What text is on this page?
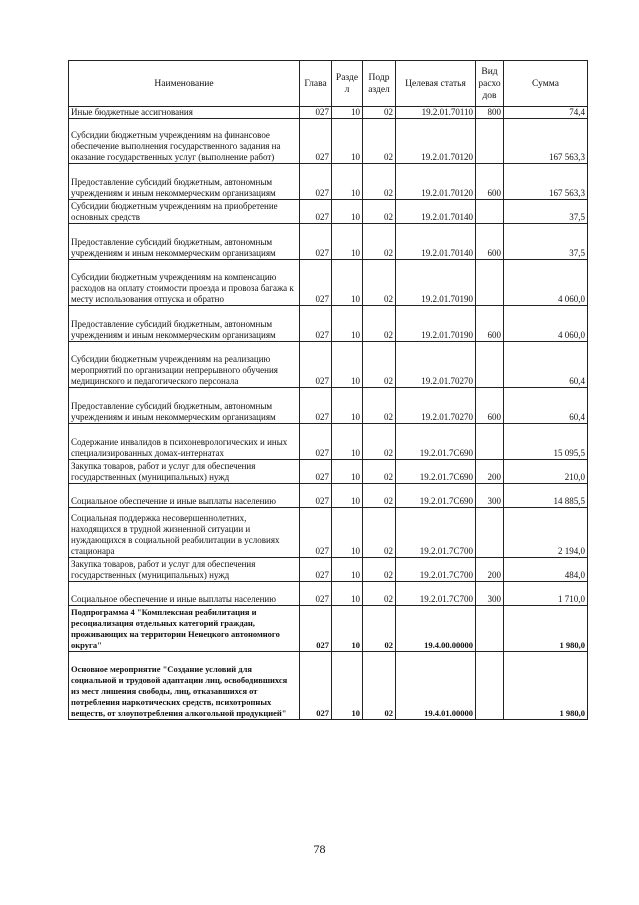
Наименование	Глава	Разде л	Подр аздел	Целевая статья	Вид расхо дов	Сумма
Иные бюджетные ассигнования	027	10	02	19.2.01.70110	800	74,4
Субсидии бюджетным учреждениям на финансовое обеспечение выполнения государственного задания на оказание государственных услуг (выполнение работ)	027	10	02	19.2.01.70120		167 563,3
Предоставление субсидий бюджетным, автономным учреждениям и иным некоммерческим организациям	027	10	02	19.2.01.70120	600	167 563,3
Субсидии бюджетным учреждениям на приобретение основных средств	027	10	02	19.2.01.70140		37,5
Предоставление субсидий бюджетным, автономным учреждениям и иным некоммерческим организациям	027	10	02	19.2.01.70140	600	37,5
Субсидии бюджетным учреждениям на компенсацию расходов на оплату стоимости проезда и провоза багажа к месту использования отпуска и обратно	027	10	02	19.2.01.70190		4 060,0
Предоставление субсидий бюджетным, автономным учреждениям и иным некоммерческим организациям	027	10	02	19.2.01.70190	600	4 060,0
Субсидии бюджетным учреждениям на реализацию мероприятий по организации непрерывного обучения медицинского и педагогического персонала	027	10	02	19.2.01.70270		60,4
Предоставление субсидий бюджетным, автономным учреждениям и иным некоммерческим организациям	027	10	02	19.2.01.70270	600	60,4
Содержание инвалидов в психоневрологических и иных специализированных домах-интернатах	027	10	02	19.2.01.7С690		15 095,5
Закупка товаров, работ и услуг для обеспечения государственных (муниципальных) нужд	027	10	02	19.2.01.7С690	200	210,0
Социальное обеспечение и иные выплаты населению	027	10	02	19.2.01.7С690	300	14 885,5
Социальная поддержка несовершеннолетних, находящихся в трудной жизненной ситуации и нуждающихся в социальной реабилитации в условиях стационара	027	10	02	19.2.01.7С700		2 194,0
Закупка товаров, работ и услуг для обеспечения государственных (муниципальных) нужд	027	10	02	19.2.01.7С700	200	484,0
Социальное обеспечение и иные выплаты населению	027	10	02	19.2.01.7С700	300	1 710,0
Подпрограмма 4 "Комплексная реабилитация и ресоциализация отдельных категорий граждан, проживающих на территории Ненецкого автономного округа"	027	10	02	19.4.00.00000		1 980,0
Основное мероприятие "Создание условий для социальной и трудовой адаптации лиц, освободившихся из мест лишения свободы, лиц, отказавшихся от потребления наркотических средств, психотропных веществ, от злоупотребления алкогольной продукцией"	027	10	02	19.4.01.00000		1 980,0
78
